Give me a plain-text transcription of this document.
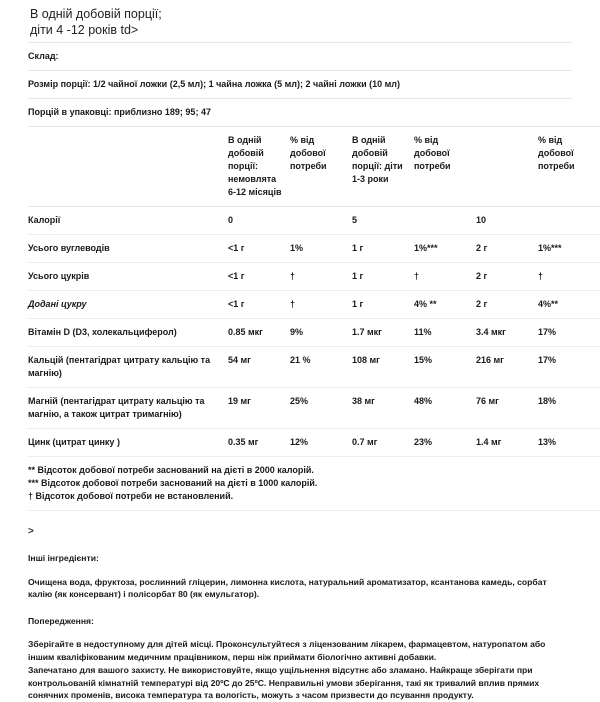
В одній добовій порції;
діти 4 -12 років td>
Склад:
Розмір порції: 1/2 чайної ложки (2,5 мл); 1 чайна ложка (5 мл); 2 чайні ложки (10 мл)
Порцій в упаковці: приблизно 189; 95; 47
	В одній добовій порції: немовлята 6-12 місяців	% від добової потреби	В одній добовій порції: діти 1-3 роки	% від добової потреби		% від добової потреби
Калорії	0		5		10	
Усього вуглеводів	<1 г	1%	1 г	1%***	2 г	1%***
Усього цукрів	<1 г	†	1 г	†	2 г	†
Додані цукру	<1 г	†	1 г	4% **	2 г	4%**
Вітамін D (D3, холекальциферол)	0.85 мкг	9%	1.7 мкг	11%	3.4 мкг	17%
Кальцій (пентагідрат цитрату кальцію та магнію)	54 мг	21 %	108 мг	15%	216 мг	17%
Магній (пентагідрат цитрату кальцію та магнію, а також цитрат тримагнію)	19 мг	25%	38 мг	48%	76 мг	18%
Цинк (цитрат цинку )	0.35 мг	12%	0.7 мг	23%	1.4 мг	13%

** Відсоток добової потреби заснований на дієті в 2000 калорій.
*** Відсоток добової потреби заснований на дієті в 1000 калорій.
† Відсоток добової потреби не встановлений.						
>

Інші інгредієнти:

Очищена вода, фруктоза, рослинний гліцерин, лимонна кислота, натуральний ароматизатор, ксантанова камедь, сорбат калію (як консервант) і полісорбат 80 (як емульгатор).

Попередження:

Зберігайте в недоступному для дітей місці. Проконсультуйтеся з ліцензованим лікарем, фармацевтом, натуропатом або іншим кваліфікованим медичним працівником, перш ніж приймати біологічно активні добавки.

Запечатано для вашого захисту. Не використовуйте, якщо ущільнення відсутнє або зламано. Найкраще зберігати при контрольованій кімнатній температурі від 20ºC до 25ºC. Неправильні умови зберігання, такі як тривалий вплив прямих сонячних променів, висока температура та вологість, можуть з часом призвести до псування продукту.
